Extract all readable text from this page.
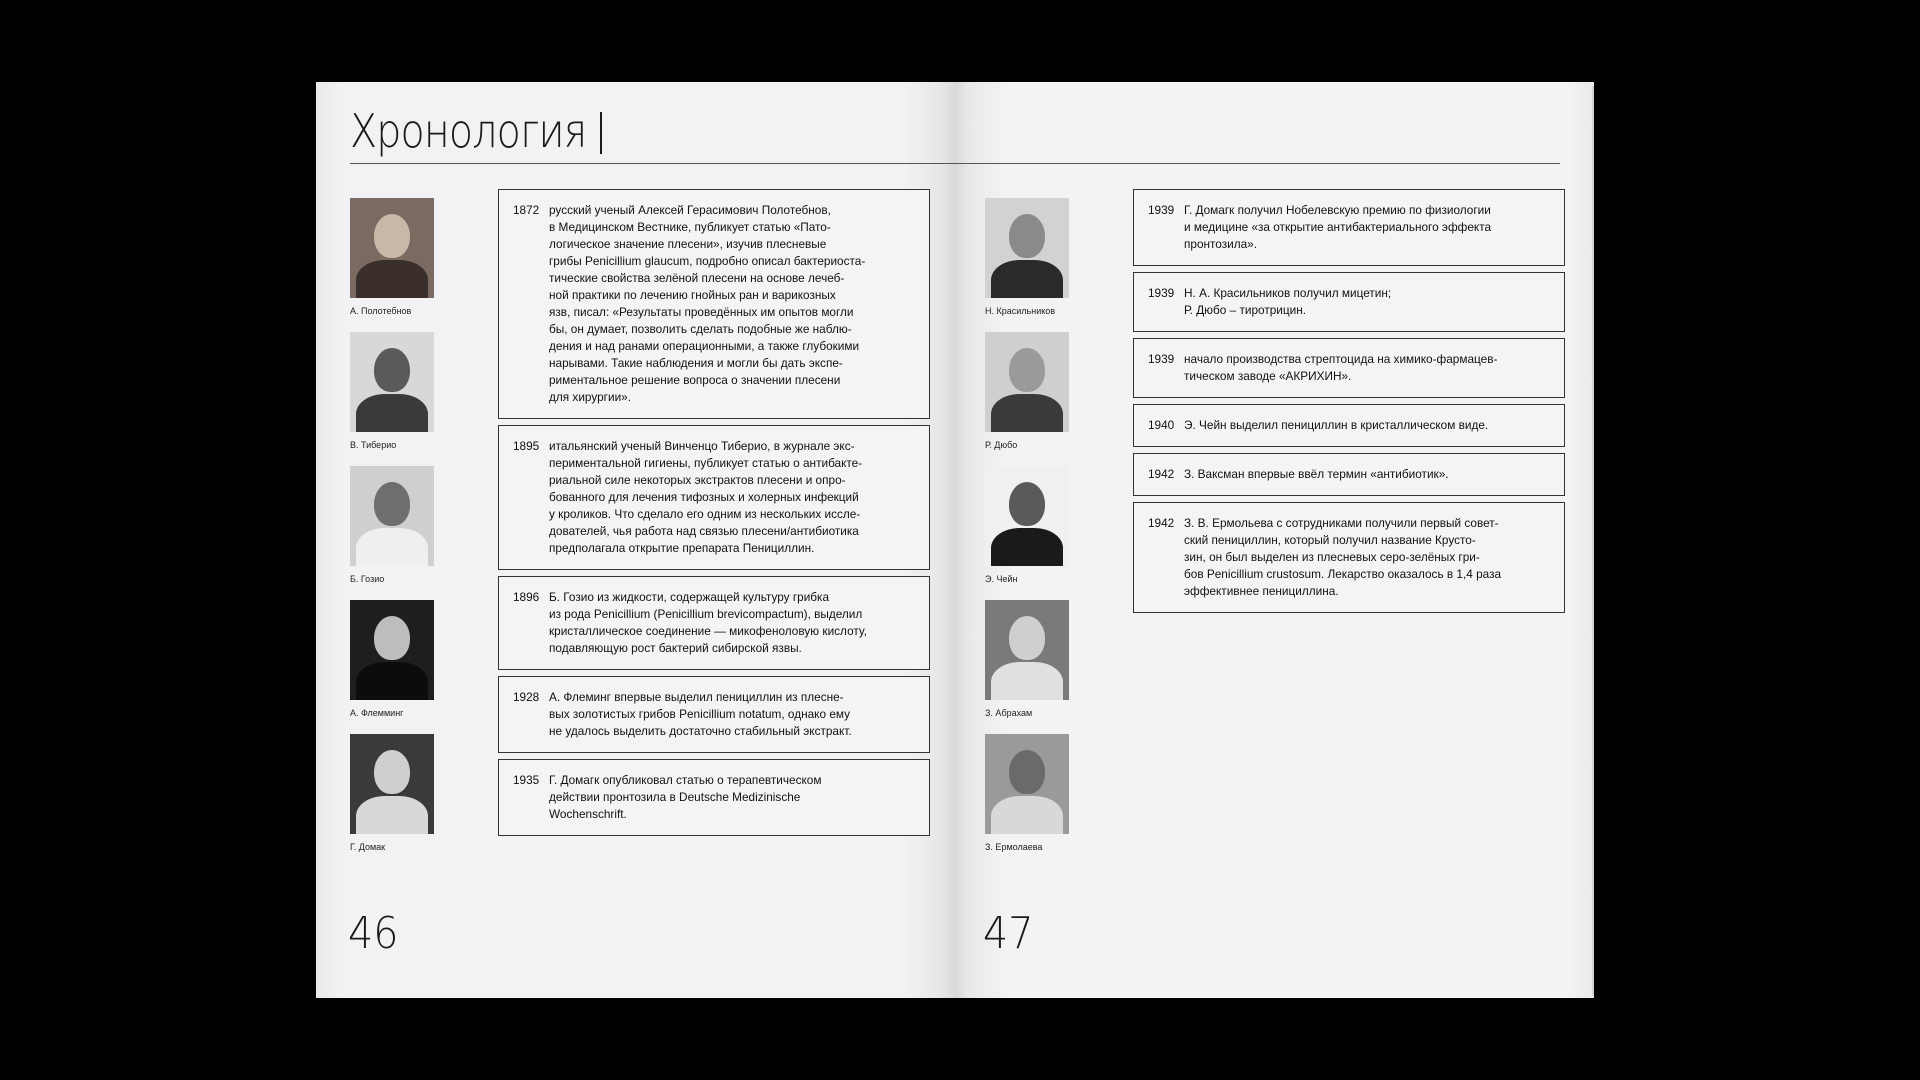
Хронология
А. Полотебнов
В. Тиберио
Б. Гозио
А. Флемминг
Г. Домак
1872 русский ученый Алексей Герасимович Полотебнов,
в Медицинском Вестнике, публикует статью «Пато-
логическое значение плесени», изучив плесневые
грибы Penicillium glaucum, подробно описал бактериоста-
тические свойства зелёной плесени на основе лечеб-
ной практики по лечению гнойных ран и варикозных
язв, писал: «Результаты проведённых им опытов могли
бы, он думает, позволить сделать подобные же наблю-
дения и над ранами операционными, а также глубокими
нарывами. Такие наблюдения и могли бы дать экспе-
риментальное решение вопроса о значении плесени
для хирургии».
1895 итальянский ученый Винченцо Тиберио, в журнале экс-
периментальной гигиены, публикует статью о антибакте-
риальной силе некоторых экстрактов плесени и опро-
бованного для лечения тифозных и холерных инфекций
у кроликов. Что сделало его одним из нескольких иссле-
дователей, чья работа над связью плесени/антибиотика
предполагала открытие препарата Пенициллин.
1896 Б. Гозио из жидкости, содержащей культуру грибка
из рода Penicillium (Penicillium brevicompactum), выделил
кристаллическое соединение — микофеноловую кислоту,
подавляющую рост бактерий сибирской язвы.
1928 А. Флеминг впервые выделил пенициллин из плесне-
вых золотистых грибов Penicillium notatum, однако ему
не удалось выделить достаточно стабильный экстракт.
1935 Г. Домагк опубликовал статью о терапевтическом
действии пронтозила в Deutsche Medizinische
Wochenschrift.
46
Н. Красильников
Р. Дюбо
Э. Чейн
З. Абрахам
З. Ермолаева
1939 Г. Домагк получил Нобелевскую премию по физиологии
и медицине «за открытие антибактериального эффекта
пронтозила».
1939 Н. А. Красильников получил мицетин;
Р. Дюбо – тиротрицин.
1939 начало производства стрептоцида на химико-фармацев-
тическом заводе «АКРИХИН».
1940 Э. Чейн выделил пенициллин в кристаллическом виде.
1942 З. Ваксман впервые ввёл термин «антибиотик».
1942 З. В. Ермольева с сотрудниками получили первый совет-
ский пенициллин, который получил название Крусто-
зин, он был выделен из плесневых серо-зелёных гри-
бов Penicillium crustosum. Лекарство оказалось в 1,4 раза
эффективнее пенициллина.
47
